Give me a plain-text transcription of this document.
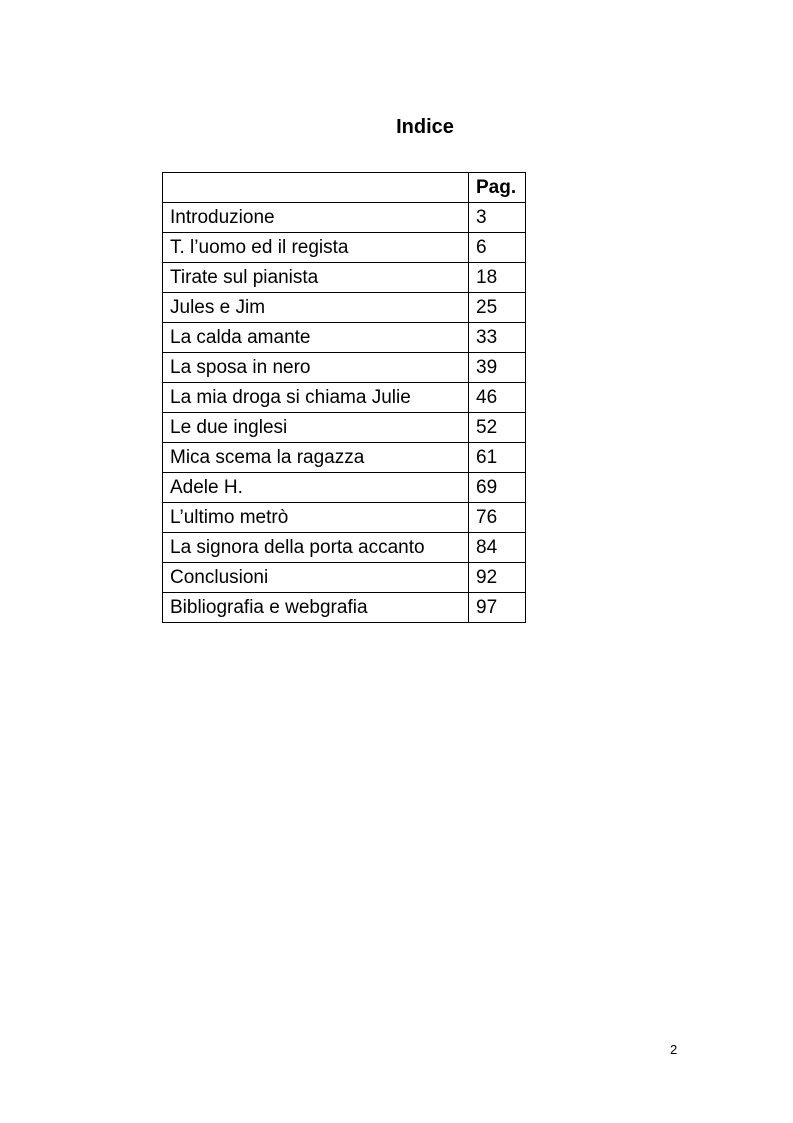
Indice
	Pag.
Introduzione	3
T. l’uomo ed il regista	6
Tirate sul pianista	18
Jules e Jim	25
La calda amante	33
La sposa in nero	39
La mia droga si chiama Julie	46
Le due inglesi	52
Mica scema la ragazza	61
Adele H.	69
L’ultimo metrò	76
La signora della porta accanto	84
Conclusioni	92
Bibliografia e webgrafia	97
2
